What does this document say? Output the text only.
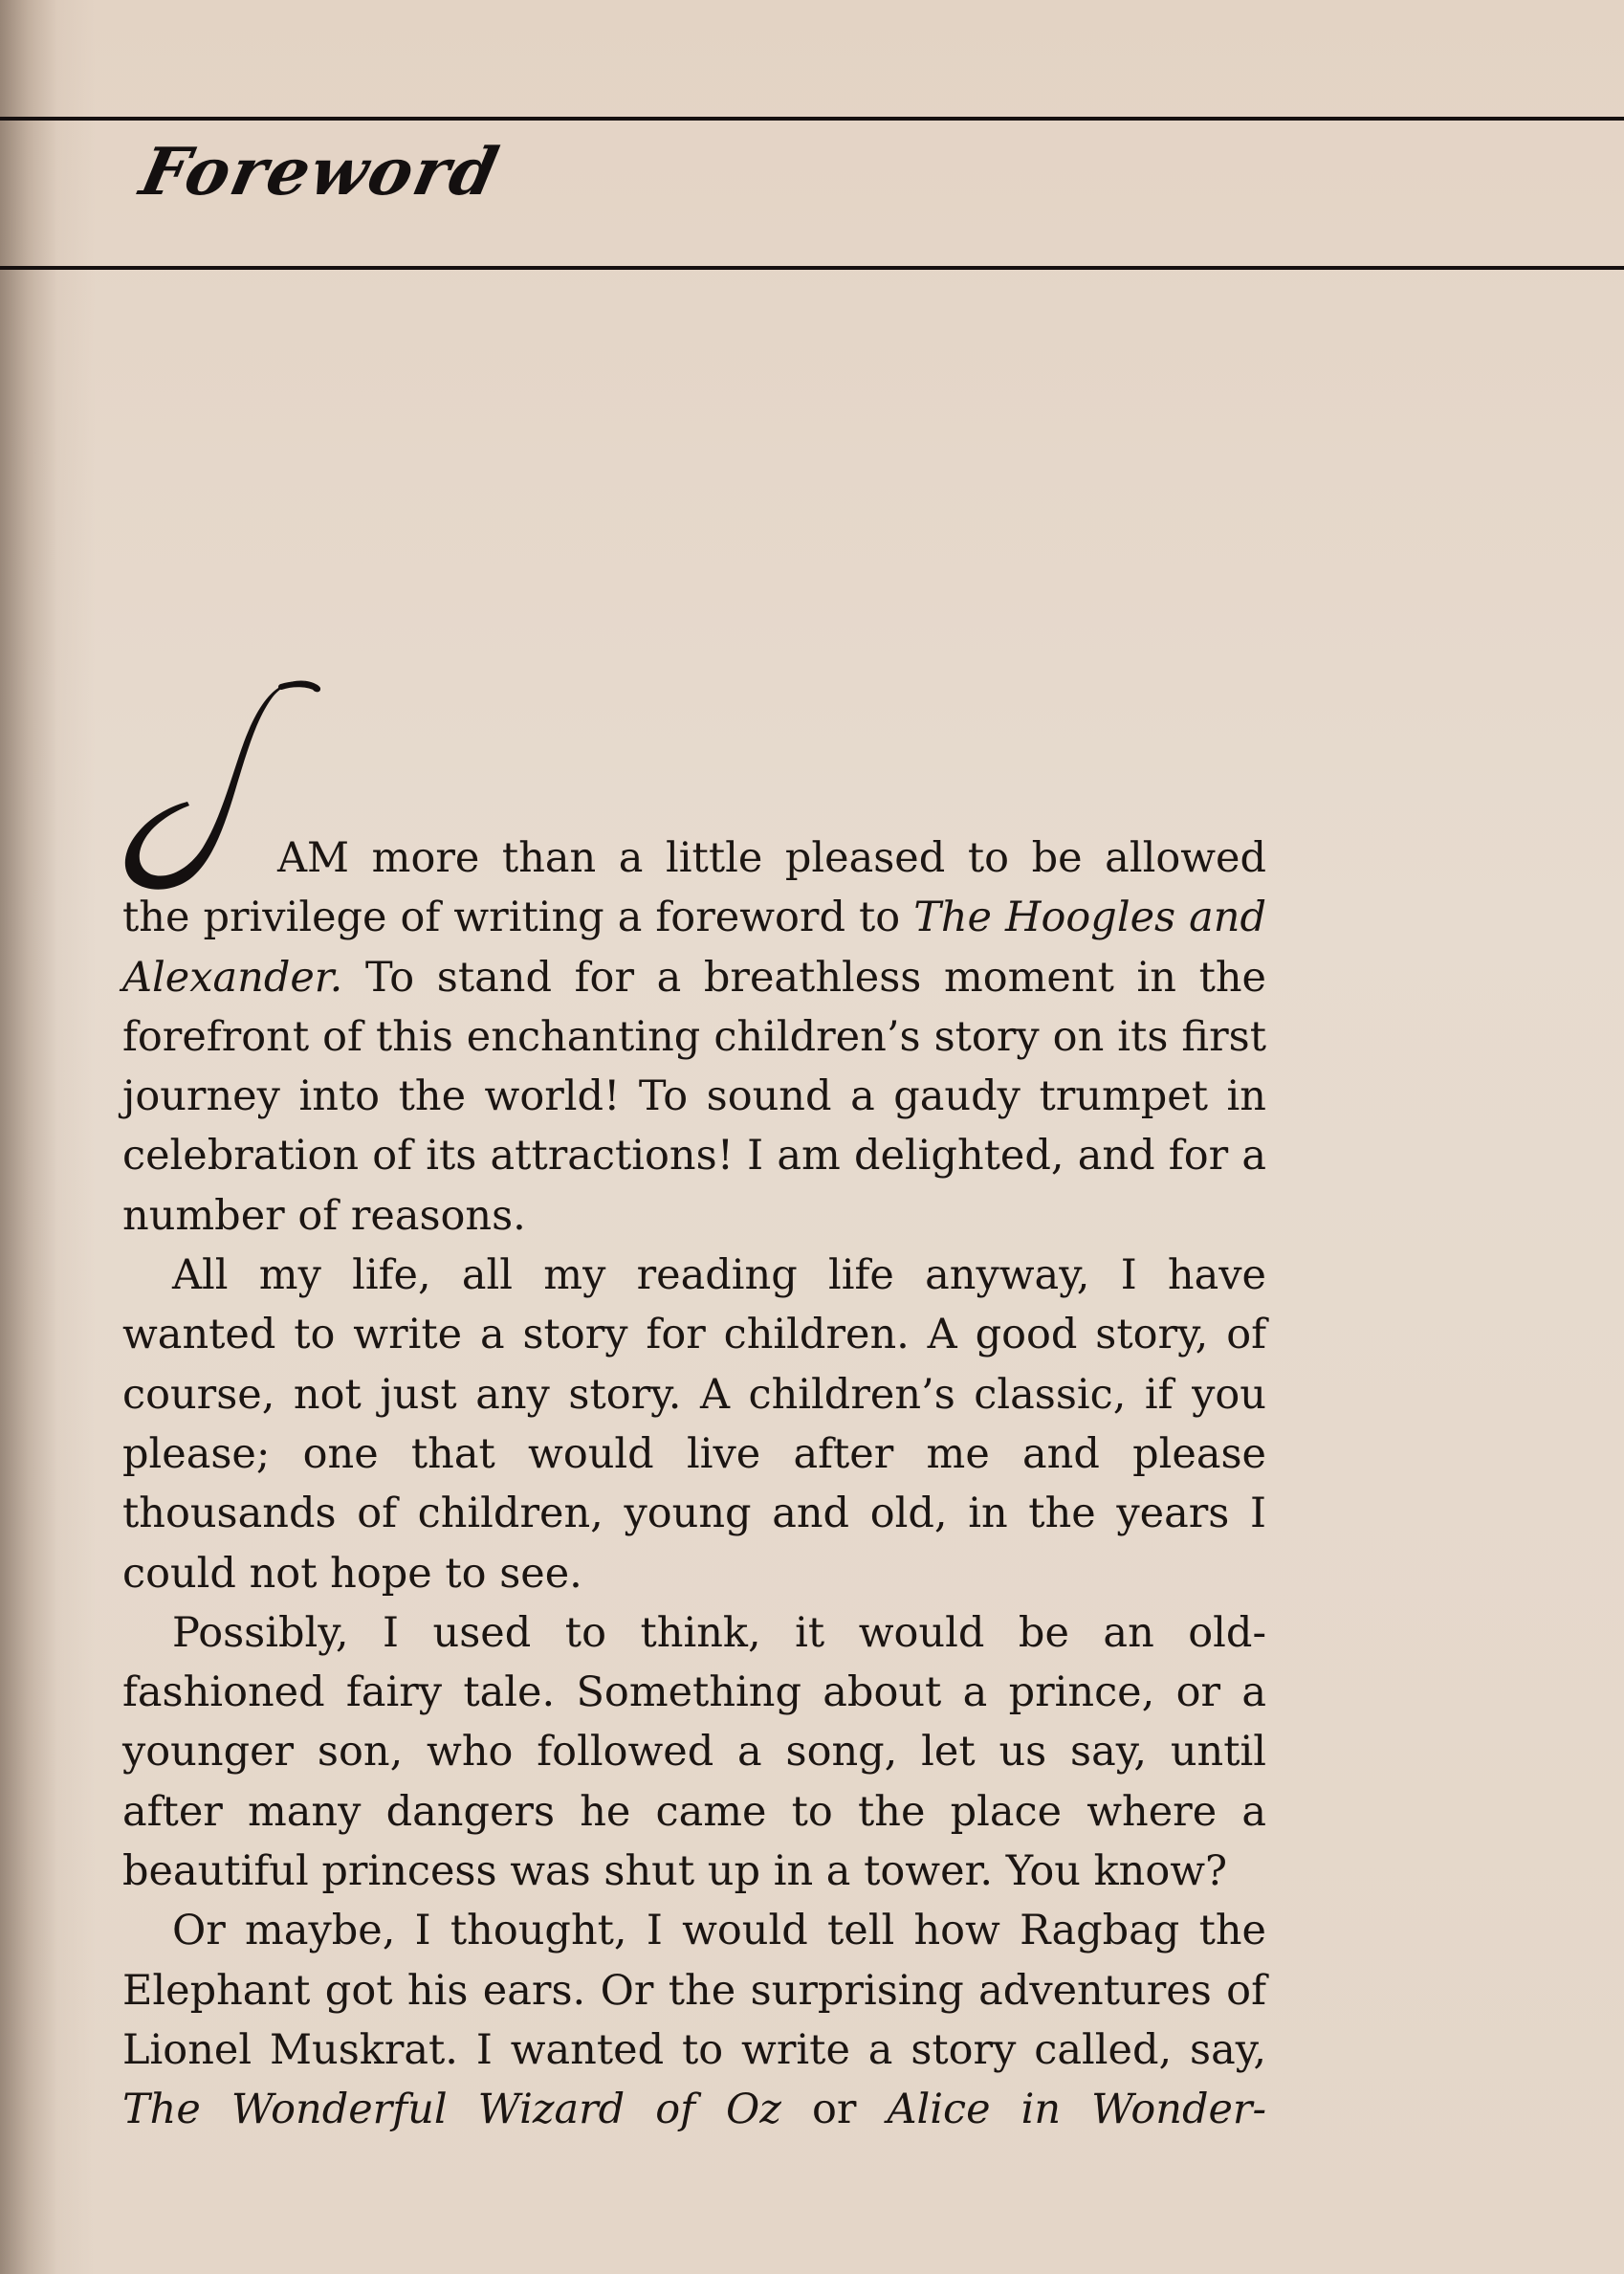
Foreword

AM more than a little pleased to be allowed the privilege of writing a foreword to The Hoogles and Alexander. To stand for a breathless moment in the forefront of this enchanting children’s story on its first journey into the world! To sound a gaudy trumpet in celebration of its attractions! I am delighted, and for a number of reasons.

All my life, all my reading life anyway, I have wanted to write a story for children. A good story, of course, not just any story. A children’s classic, if you please; one that would live after me and please thousands of children, young and old, in the years I could not hope to see.

Possibly, I used to think, it would be an old-fashioned fairy tale. Something about a prince, or a younger son, who followed a song, let us say, until after many dangers he came to the place where a beautiful princess was shut up in a tower. You know?

Or maybe, I thought, I would tell how Ragbag the Elephant got his ears. Or the surprising adventures of Lionel Muskrat. I wanted to write a story called, say, The Wonderful Wizard of Oz or Alice in Wonder-
